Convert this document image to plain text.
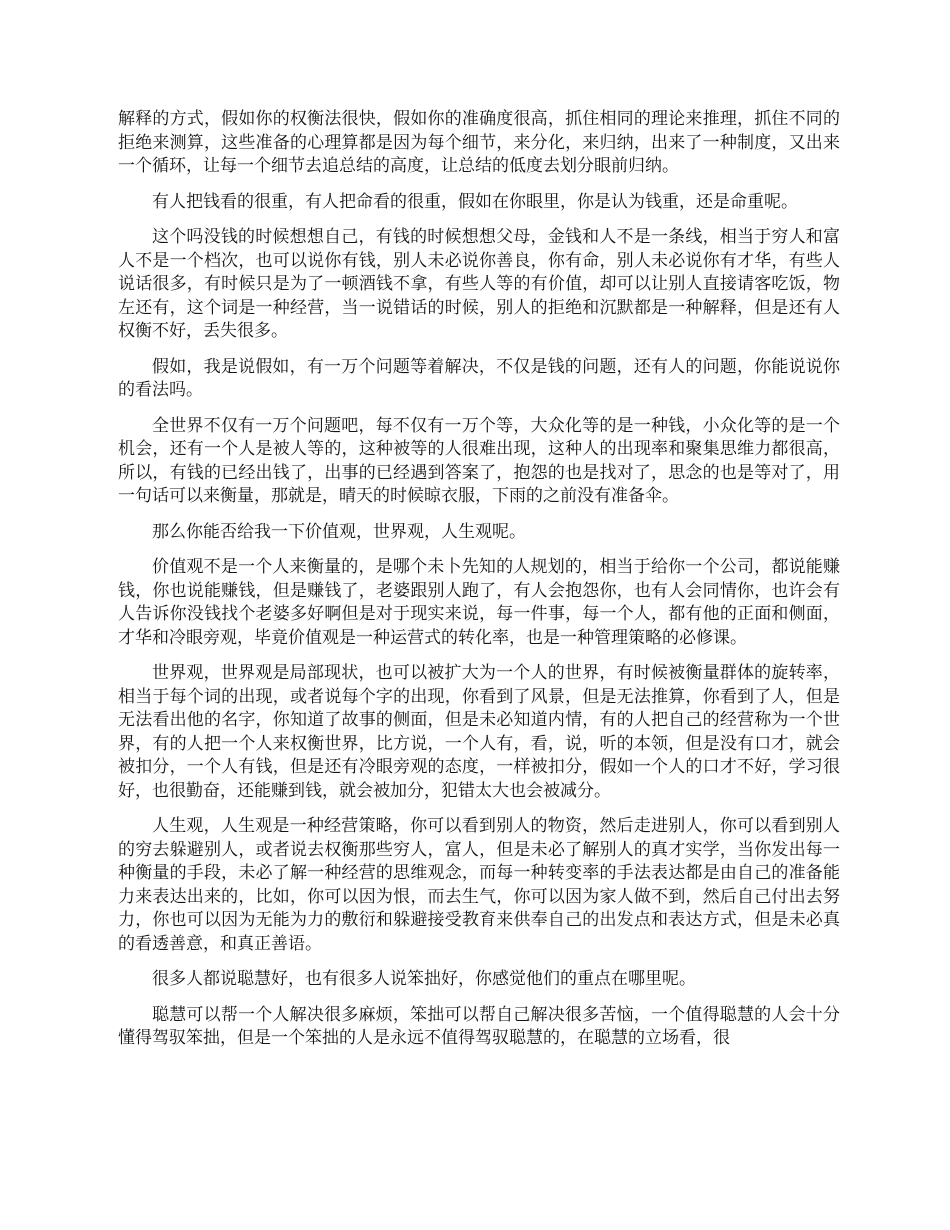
解释的方式，假如你的权衡法很快，假如你的准确度很高，抓住相同的理论来推理，抓住不同的拒绝来测算，这些准备的心理算都是因为每个细节，来分化，来归纳，出来了一种制度，又出来一个循环，让每一个细节去追总结的高度，让总结的低度去划分眼前归纳。

有人把钱看的很重，有人把命看的很重，假如在你眼里，你是认为钱重，还是命重呢。

这个吗没钱的时候想想自己，有钱的时候想想父母，金钱和人不是一条线，相当于穷人和富人不是一个档次，也可以说你有钱，别人未必说你善良，你有命，别人未必说你有才华，有些人说话很多，有时候只是为了一顿酒钱不拿，有些人等的有价值，却可以让别人直接请客吃饭，物左还有，这个词是一种经营，当一说错话的时候，别人的拒绝和沉默都是一种解释，但是还有人权衡不好，丢失很多。

假如，我是说假如，有一万个问题等着解决，不仅是钱的问题，还有人的问题，你能说说你的看法吗。

全世界不仅有一万个问题吧，每不仅有一万个等，大众化等的是一种钱，小众化等的是一个机会，还有一个人是被人等的，这种被等的人很难出现，这种人的出现率和聚集思维力都很高，所以，有钱的已经出钱了，出事的已经遇到答案了，抱怨的也是找对了，思念的也是等对了，用一句话可以来衡量，那就是，晴天的时候晾衣服，下雨的之前没有准备伞。

那么你能否给我一下价值观，世界观，人生观呢。

价值观不是一个人来衡量的，是哪个未卜先知的人规划的，相当于给你一个公司，都说能赚钱，你也说能赚钱，但是赚钱了，老婆跟别人跑了，有人会抱怨你，也有人会同情你，也许会有人告诉你没钱找个老婆多好啊但是对于现实来说，每一件事，每一个人，都有他的正面和侧面，才华和冷眼旁观，毕竟价值观是一种运营式的转化率，也是一种管理策略的必修课。

世界观，世界观是局部现状，也可以被扩大为一个人的世界，有时候被衡量群体的旋转率，相当于每个词的出现，或者说每个字的出现，你看到了风景，但是无法推算，你看到了人，但是无法看出他的名字，你知道了故事的侧面，但是未必知道内情，有的人把自己的经营称为一个世界，有的人把一个人来权衡世界，比方说，一个人有，看，说，听的本领，但是没有口才，就会被扣分，一个人有钱，但是还有冷眼旁观的态度，一样被扣分，假如一个人的口才不好，学习很好，也很勤奋，还能赚到钱，就会被加分，犯错太大也会被减分。

人生观，人生观是一种经营策略，你可以看到别人的物资，然后走进别人，你可以看到别人的穷去躲避别人，或者说去权衡那些穷人，富人，但是未必了解别人的真才实学，当你发出每一种衡量的手段，未必了解一种经营的思维观念，而每一种转变率的手法表达都是由自己的准备能力来表达出来的，比如，你可以因为恨，而去生气，你可以因为家人做不到，然后自己付出去努力，你也可以因为无能为力的敷衍和躲避接受教育来供奉自己的出发点和表达方式，但是未必真的看透善意，和真正善语。

很多人都说聪慧好，也有很多人说笨拙好，你感觉他们的重点在哪里呢。

聪慧可以帮一个人解决很多麻烦，笨拙可以帮自己解决很多苦恼，一个值得聪慧的人会十分懂得驾驭笨拙，但是一个笨拙的人是永远不值得驾驭聪慧的，在聪慧的立场看，很
